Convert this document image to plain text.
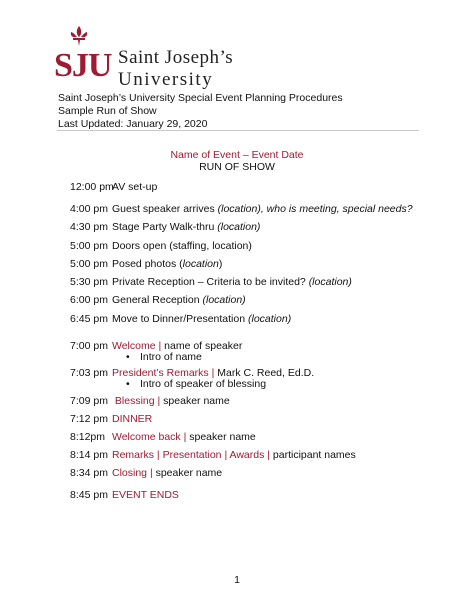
SJU Saint Joseph’s
University
Saint Joseph’s University Special Event Planning Procedures
Sample Run of Show
Last Updated: January 29, 2020
Name of Event – Event Date
RUN OF SHOW
12:00 pmAV set-up
4:00 pm Guest speaker arrives (location), who is meeting, special needs?
4:30 pm Stage Party Walk-thru (location)
5:00 pm Doors open (staffing, location)
5:00 pm Posed photos (location)
5:30 pm Private Reception – Criteria to be invited? (location)
6:00 pm General Reception (location)
6:45 pm Move to Dinner/Presentation (location)
7:00 pm Welcome | name of speaker
• Intro of name
7:03 pm President’s Remarks | Mark C. Reed, Ed.D.
• Intro of speaker of blessing
7:09 pm Blessing | speaker name
7:12 pm DINNER
8:12pm Welcome back | speaker name
8:14 pm Remarks | Presentation | Awards | participant names
8:34 pm Closing | speaker name
8:45 pm EVENT ENDS
1
